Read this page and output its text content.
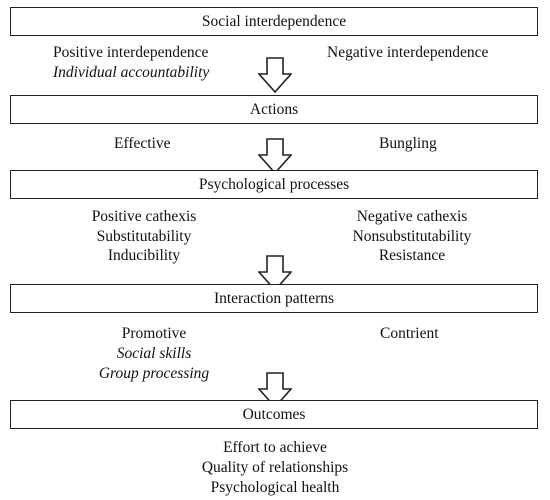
Social interdependence
Positive interdependence
Individual accountability
Negative interdependence
Actions
Effective	Bungling
Psychological processes
Positive cathexis
Substitutability
Inducibility
Negative cathexis
Nonsubstitutability
Resistance
Interaction patterns
Promotive
Social skills
Group processing
Contrient
Outcomes
Effort to achieve
Quality of relationships
Psychological health
